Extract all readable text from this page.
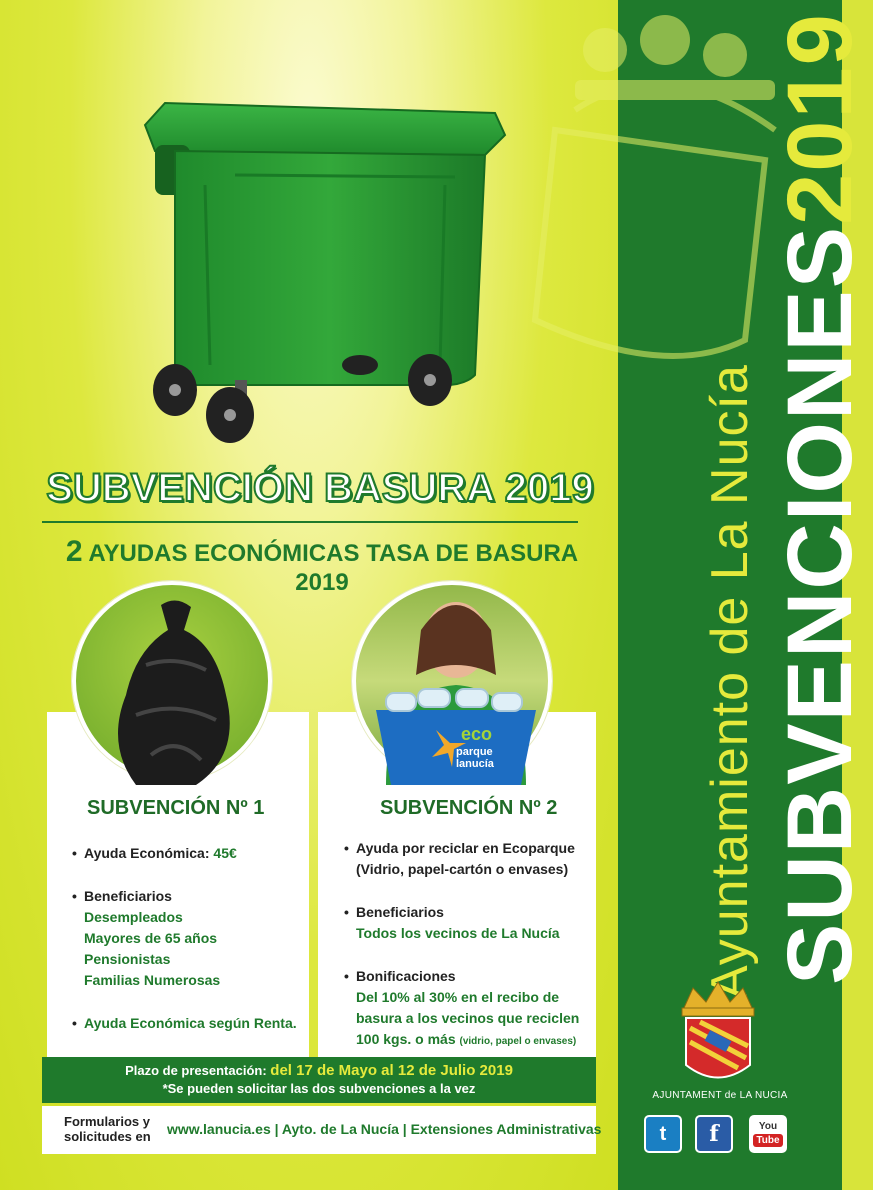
Ayuntamiento de La Nucía SUBVENCIONES2019
SUBVENCIÓN BASURA 2019
2 AYUDAS ECONÓMICAS TASA DE BASURA 2019
eco
parque
lanucía
SUBVENCIÓN Nº 1	SUBVENCIÓN Nº 2
• Ayuda Económica: 45€
• Beneficiarios
Desempleados
Mayores de 65 años
Pensionistas
Familias Numerosas
• Ayuda Económica según Renta.
• Ayuda por reciclar en Ecoparque
(Vidrio, papel-cartón o envases)
• Beneficiarios
Todos los vecinos de La Nucía
• Bonificaciones
Del 10% al 30% en el recibo de
basura a los vecinos que reciclen
100 kgs. o más (vidrio, papel o envases)
Plazo de presentación: del 17 de Mayo al 12 de Julio 2019
*Se pueden solicitar las dos subvenciones a la vez
Formularios y
solicitudes en www.lanucia.es | Ayto. de La Nucía | Extensiones Administrativas
AJUNTAMENT de LA NUCIA
t	f	You
Tube
